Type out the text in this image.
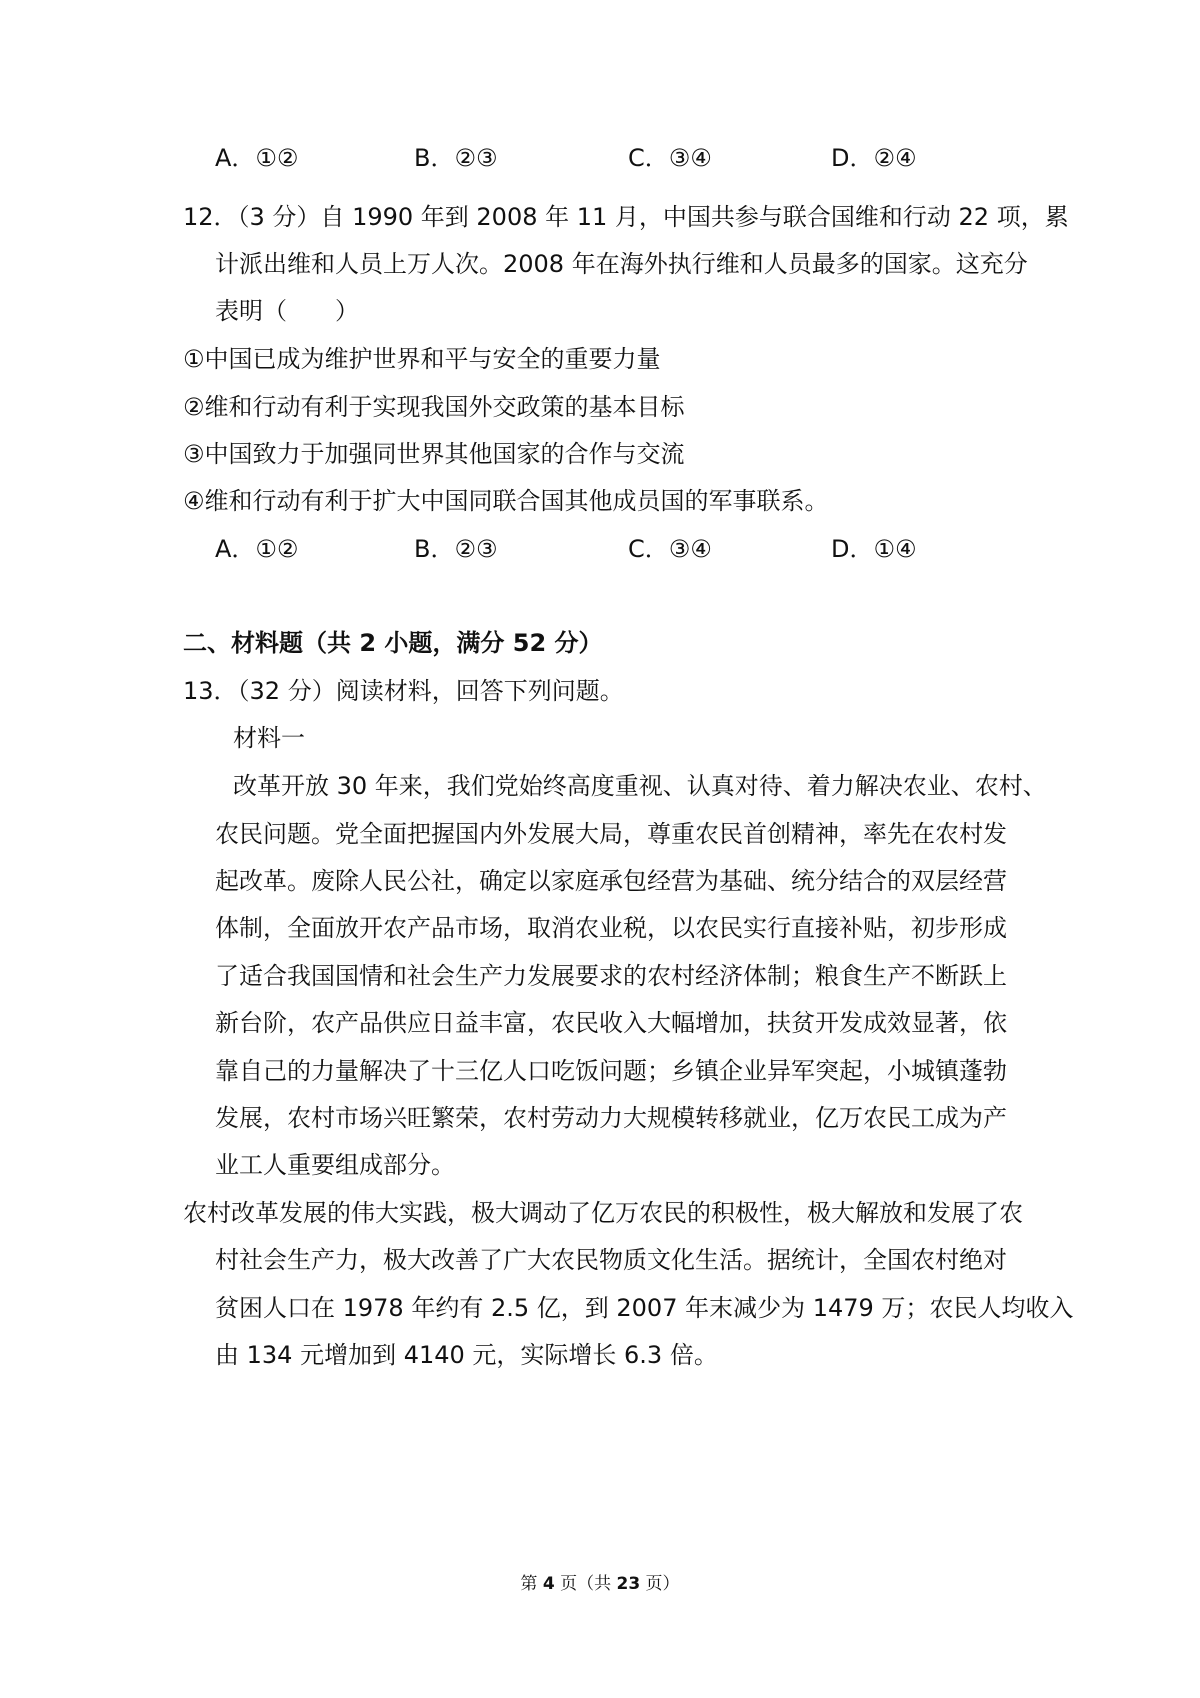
A．①②	B．②③	C．③④	D．②④
12．（3 分）自 1990 年到 2008 年 11 月，中国共参与联合国维和行动 22 项，累
计派出维和人员上万人次。2008 年在海外执行维和人员最多的国家。这充分
表明（　　）
①中国已成为维护世界和平与安全的重要力量
②维和行动有利于实现我国外交政策的基本目标
③中国致力于加强同世界其他国家的合作与交流
④维和行动有利于扩大中国同联合国其他成员国的军事联系。
A．①②	B．②③	C．③④	D．①④
二、材料题（共 2 小题，满分 52 分）
13．（32 分）阅读材料，回答下列问题。
材料一
改革开放 30 年来，我们党始终高度重视、认真对待、着力解决农业、农村、
农民问题。党全面把握国内外发展大局，尊重农民首创精神，率先在农村发
起改革。废除人民公社，确定以家庭承包经营为基础、统分结合的双层经营
体制，全面放开农产品市场，取消农业税，以农民实行直接补贴，初步形成
了适合我国国情和社会生产力发展要求的农村经济体制；粮食生产不断跃上
新台阶，农产品供应日益丰富，农民收入大幅增加，扶贫开发成效显著，依
靠自己的力量解决了十三亿人口吃饭问题；乡镇企业异军突起，小城镇蓬勃
发展，农村市场兴旺繁荣，农村劳动力大规模转移就业，亿万农民工成为产
业工人重要组成部分。
农村改革发展的伟大实践，极大调动了亿万农民的积极性，极大解放和发展了农
村社会生产力，极大改善了广大农民物质文化生活。据统计，全国农村绝对
贫困人口在 1978 年约有 2.5 亿，到 2007 年末减少为 1479 万；农民人均收入
由 134 元增加到 4140 元，实际增长 6.3 倍。
第 4 页（共 23 页）
